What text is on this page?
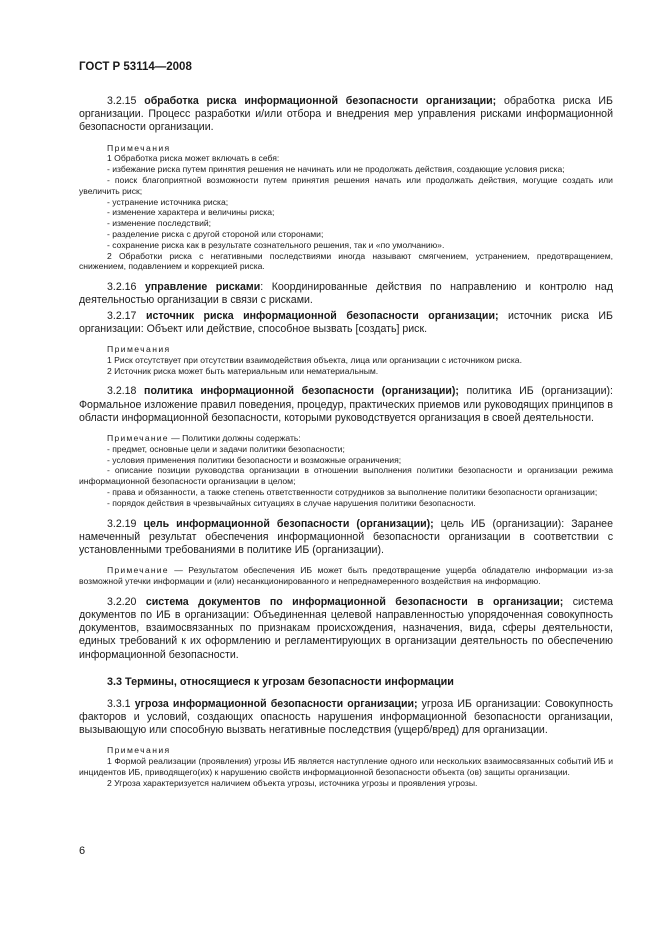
ГОСТ Р 53114—2008

3.2.15 обработка риска информационной безопасности организации; обработка риска ИБ организации. Процесс разработки и/или отбора и внедрения мер управления рисками информационной безопасности организации.

Примечания

1 Обработка риска может включать в себя:

- избежание риска путем принятия решения не начинать или не продолжать действия, создающие условия риска;

- поиск благоприятной возможности путем принятия решения начать или продолжать действия, могущие создать или увеличить риск;

- устранение источника риска;

- изменение характера и величины риска;

- изменение последствий;

- разделение риска с другой стороной или сторонами;

- сохранение риска как в результате сознательного решения, так и «по умолчанию».

2 Обработки риска с негативными последствиями иногда называют смягчением, устранением, предотвращением, снижением, подавлением и коррекцией риска.

3.2.16 управление рисками: Координированные действия по направлению и контролю над деятельностью организации в связи с рисками.

3.2.17 источник риска информационной безопасности организации; источник риска ИБ организации: Объект или действие, способное вызвать [создать] риск.

Примечания

1 Риск отсутствует при отсутствии взаимодействия объекта, лица или организации с источником риска.

2 Источник риска может быть материальным или нематериальным.

3.2.18 политика информационной безопасности (организации); политика ИБ (организации): Формальное изложение правил поведения, процедур, практических приемов или руководящих принципов в области информационной безопасности, которыми руководствуется организация в своей деятельности.

Примечание — Политики должны содержать:

- предмет, основные цели и задачи политики безопасности;

- условия применения политики безопасности и возможные ограничения;

- описание позиции руководства организации в отношении выполнения политики безопасности и организации режима информационной безопасности организации в целом;

- права и обязанности, а также степень ответственности сотрудников за выполнение политики безопасности организации;

- порядок действия в чрезвычайных ситуациях в случае нарушения политики безопасности.

3.2.19 цель информационной безопасности (организации); цель ИБ (организации): Заранее намеченный результат обеспечения информационной безопасности организации в соответствии с установленными требованиями в политике ИБ (организации).

Примечание — Результатом обеспечения ИБ может быть предотвращение ущерба обладателю информации из-за возможной утечки информации и (или) несанкционированного и непреднамеренного воздействия на информацию.

3.2.20 система документов по информационной безопасности в организации; система документов по ИБ в организации: Объединенная целевой направленностью упорядоченная совокупность документов, взаимосвязанных по признакам происхождения, назначения, вида, сферы деятельности, единых требований к их оформлению и регламентирующих в организации деятельность по обеспечению информационной безопасности.

3.3 Термины, относящиеся к угрозам безопасности информации

3.3.1 угроза информационной безопасности организации; угроза ИБ организации: Совокупность факторов и условий, создающих опасность нарушения информационной безопасности организации, вызывающую или способную вызвать негативные последствия (ущерб/вред) для организации.

Примечания

1 Формой реализации (проявления) угрозы ИБ является наступление одного или нескольких взаимосвязанных событий ИБ и инцидентов ИБ, приводящего(их) к нарушению свойств информационной безопасности объекта (ов) защиты организации.

2 Угроза характеризуется наличием объекта угрозы, источника угрозы и проявления угрозы.

6
